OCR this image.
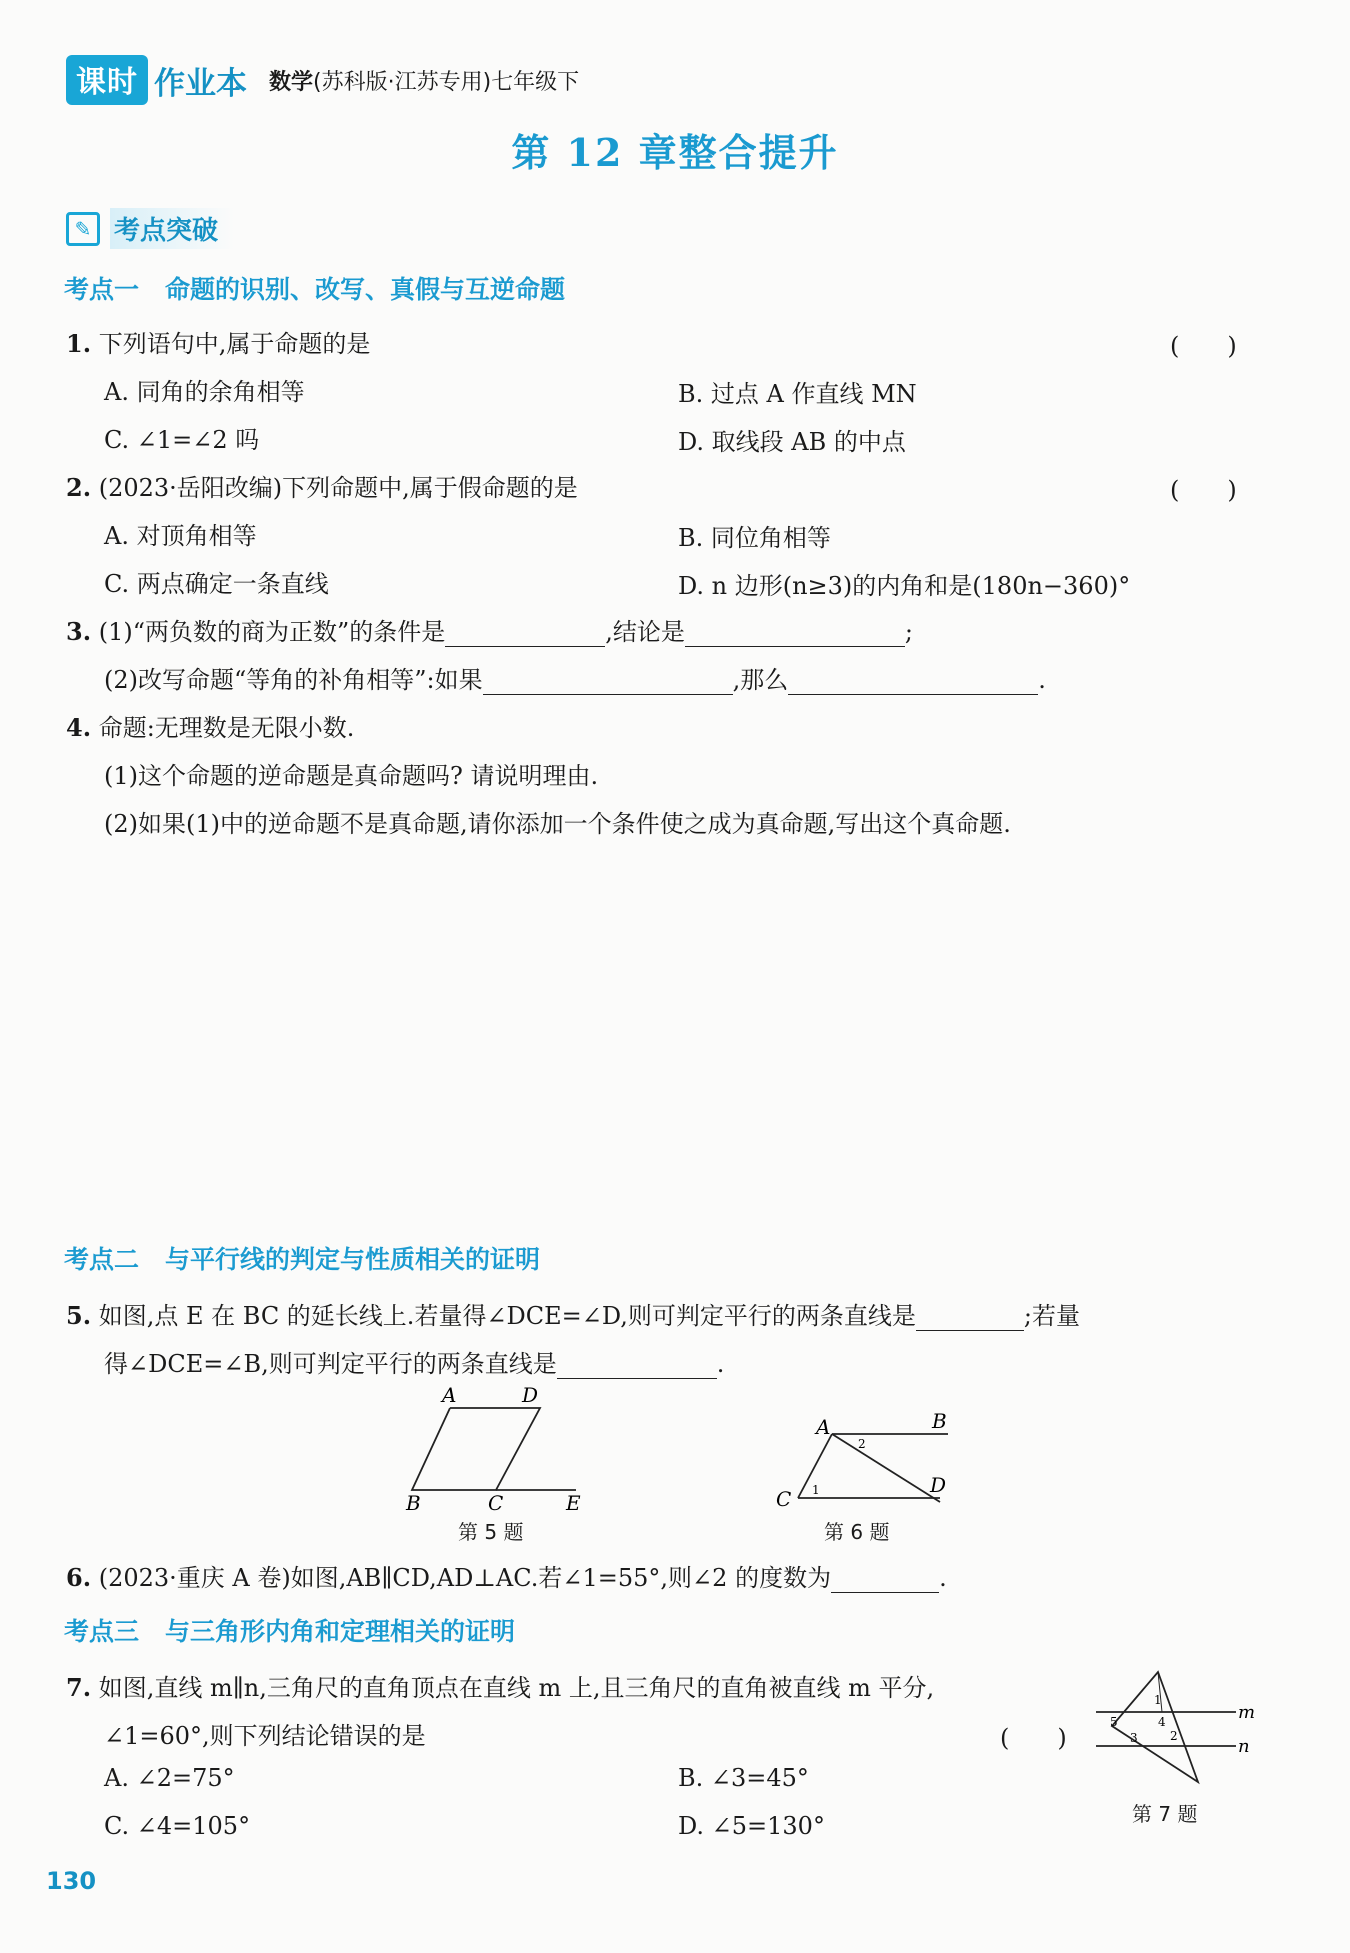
课时 作业本 数学(苏科版·江苏专用)七年级下
第 12 章整合提升
✎ 考点突破
考点一 命题的识别、改写、真假与互逆命题
1. 下列语句中,属于命题的是	(　　)
A. 同角的余角相等	B. 过点 A 作直线 MN
C. ∠1=∠2 吗	D. 取线段 AB 的中点
2. (2023·岳阳改编)下列命题中,属于假命题的是	(　　)
A. 对顶角相等	B. 同位角相等
C. 两点确定一条直线	D. n 边形(n≥3)的内角和是(180n−360)°
3. (1)“两负数的商为正数”的条件是	,结论是	;
(2)改写命题“等角的补角相等”:如果	,那么	.
4. 命题:无理数是无限小数.
(1)这个命题的逆命题是真命题吗? 请说明理由.
(2)如果(1)中的逆命题不是真命题,请你添加一个条件使之成为真命题,写出这个真命题.
考点二 与平行线的判定与性质相关的证明
5. 如图,点 E 在 BC 的延长线上.若量得∠DCE=∠D,则可判定平行的两条直线是	;若量
得∠DCE=∠B,则可判定平行的两条直线是	.
A	D
B	C	E
第 5 题
A	B
C
D
1
2
第 6 题
6. (2023·重庆 A 卷)如图,AB∥CD,AD⊥AC.若∠1=55°,则∠2 的度数为	.
考点三 与三角形内角和定理相关的证明
7. 如图,直线 m∥n,三角尺的直角顶点在直线 m 上,且三角尺的直角被直线 m 平分,
∠1=60°,则下列结论错误的是	(　　)
A. ∠2=75°	B. ∠3=45°
C. ∠4=105°	D. ∠5=130°
m
n
1
2
3
4
5
第 7 题
130
